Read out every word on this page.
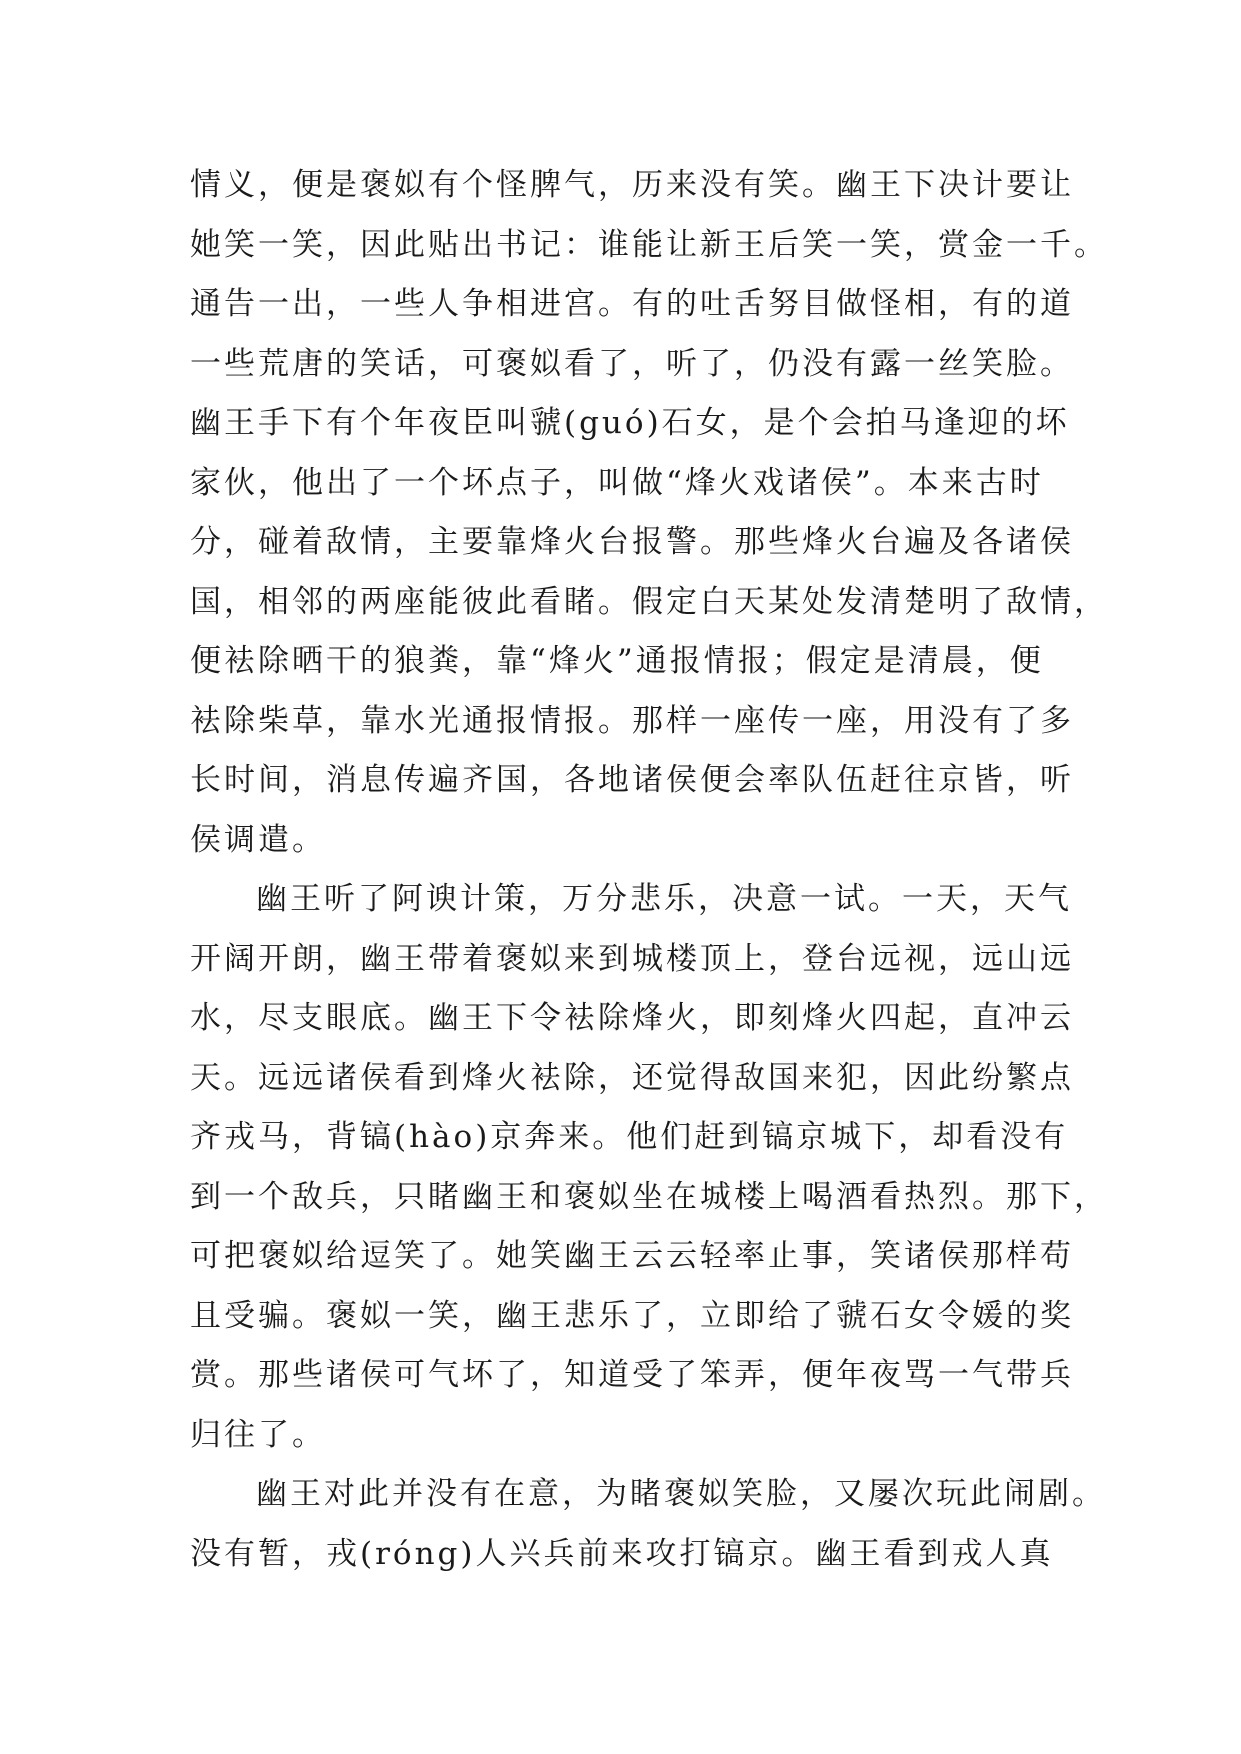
情义，便是褒姒有个怪脾气，历来没有笑。幽王下决计要让
她笑一笑，因此贴出书记：谁能让新王后笑一笑，赏金一千。
通告一出，一些人争相进宫。有的吐舌努目做怪相，有的道
一些荒唐的笑话，可褒姒看了，听了，仍没有露一丝笑脸。
幽王手下有个年夜臣叫虢(guó)石女，是个会拍马逢迎的坏
家伙，他出了一个坏点子，叫做“烽火戏诸侯”。本来古时
分，碰着敌情，主要靠烽火台报警。那些烽火台遍及各诸侯
国，相邻的两座能彼此看睹。假定白天某处发清楚明了敌情，
便袪除晒干的狼粪，靠“烽火”通报情报；假定是清晨，便
袪除柴草，靠水光通报情报。那样一座传一座，用没有了多
长时间，消息传遍齐国，各地诸侯便会率队伍赶往京皆，听
侯调遣。
幽王听了阿谀计策，万分悲乐，决意一试。一天，天气
开阔开朗，幽王带着褒姒来到城楼顶上，登台远视，远山远
水，尽支眼底。幽王下令袪除烽火，即刻烽火四起，直冲云
天。远远诸侯看到烽火袪除，还觉得敌国来犯，因此纷繁点
齐戎马，背镐(hào)京奔来。他们赶到镐京城下，却看没有
到一个敌兵，只睹幽王和褒姒坐在城楼上喝酒看热烈。那下，
可把褒姒给逗笑了。她笑幽王云云轻率止事，笑诸侯那样苟
且受骗。褒姒一笑，幽王悲乐了，立即给了虢石女令媛的奖
赏。那些诸侯可气坏了，知道受了笨弄，便年夜骂一气带兵
归往了。
幽王对此并没有在意，为睹褒姒笑脸，又屡次玩此闹剧。
没有暂，戎(róng)人兴兵前来攻打镐京。幽王看到戎人真
